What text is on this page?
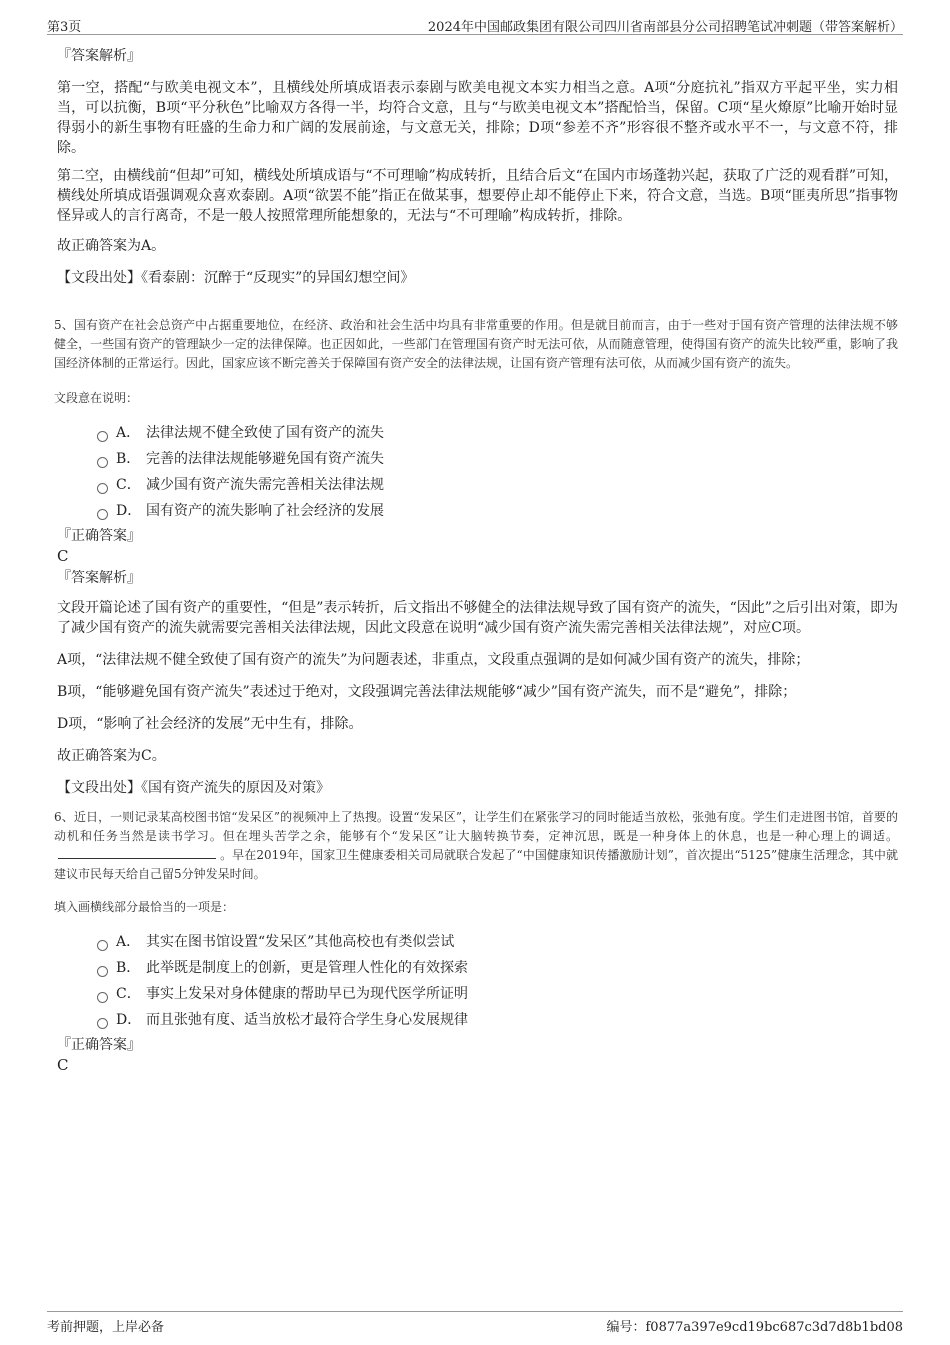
第3页	2024年中国邮政集团有限公司四川省南部县分公司招聘笔试冲刺题（带答案解析）

『答案解析』

第一空，搭配“与欧美电视文本”，且横线处所填成语表示泰剧与欧美电视文本实力相当之意。A项“分庭抗礼”指双方平起平坐，实力相当，可以抗衡，B项“平分秋色”比喻双方各得一半，均符合文意，且与“与欧美电视文本”搭配恰当，保留。C项“星火燎原”比喻开始时显得弱小的新生事物有旺盛的生命力和广阔的发展前途，与文意无关，排除；D项“参差不齐”形容很不整齐或水平不一，与文意不符，排除。

第二空，由横线前“但却”可知，横线处所填成语与“不可理喻”构成转折，且结合后文“在国内市场蓬勃兴起，获取了广泛的观看群”可知，横线处所填成语强调观众喜欢泰剧。A项“欲罢不能”指正在做某事，想要停止却不能停止下来，符合文意，当选。B项“匪夷所思”指事物怪异或人的言行离奇，不是一般人按照常理所能想象的，无法与“不可理喻”构成转折，排除。

故正确答案为A。

【文段出处】《看泰剧：沉醉于“反现实”的异国幻想空间》

5、国有资产在社会总资产中占据重要地位，在经济、政治和社会生活中均具有非常重要的作用。但是就目前而言，由于一些对于国有资产管理的法律法规不够健全，一些国有资产的管理缺少一定的法律保障。也正因如此，一些部门在管理国有资产时无法可依，从而随意管理，使得国有资产的流失比较严重，影响了我国经济体制的正常运行。因此，国家应该不断完善关于保障国有资产安全的法律法规，让国有资产管理有法可依，从而减少国有资产的流失。

文段意在说明：

A． 法律法规不健全致使了国有资产的流失
B． 完善的法律法规能够避免国有资产流失
C． 减少国有资产流失需完善相关法律法规
D． 国有资产的流失影响了社会经济的发展

『正确答案』

C

『答案解析』

文段开篇论述了国有资产的重要性，“但是”表示转折，后文指出不够健全的法律法规导致了国有资产的流失，“因此”之后引出对策，即为了减少国有资产的流失就需要完善相关法律法规，因此文段意在说明“减少国有资产流失需完善相关法律法规”，对应C项。

A项，“法律法规不健全致使了国有资产的流失”为问题表述，非重点，文段重点强调的是如何减少国有资产的流失，排除；

B项，“能够避免国有资产流失”表述过于绝对，文段强调完善法律法规能够“减少”国有资产流失，而不是“避免”，排除；

D项，“影响了社会经济的发展”无中生有，排除。

故正确答案为C。

【文段出处】《国有资产流失的原因及对策》

6、近日，一则记录某高校图书馆“发呆区”的视频冲上了热搜。设置“发呆区”，让学生们在紧张学习的同时能适当放松，张弛有度。学生们走进图书馆，首要的动机和任务当然是读书学习。但在埋头苦学之余，能够有个“发呆区”让大脑转换节奏，定神沉思，既是一种身体上的休息，也是一种心理上的调适。。早在2019年，国家卫生健康委相关司局就联合发起了“中国健康知识传播激励计划”，首次提出“5125”健康生活理念，其中就建议市民每天给自己留5分钟发呆时间。

填入画横线部分最恰当的一项是：

A． 其实在图书馆设置“发呆区”其他高校也有类似尝试
B． 此举既是制度上的创新，更是管理人性化的有效探索
C． 事实上发呆对身体健康的帮助早已为现代医学所证明
D． 而且张弛有度、适当放松才最符合学生身心发展规律

『正确答案』

C

考前押题，上岸必备	编号：f0877a397e9cd19bc687c3d7d8b1bd08
